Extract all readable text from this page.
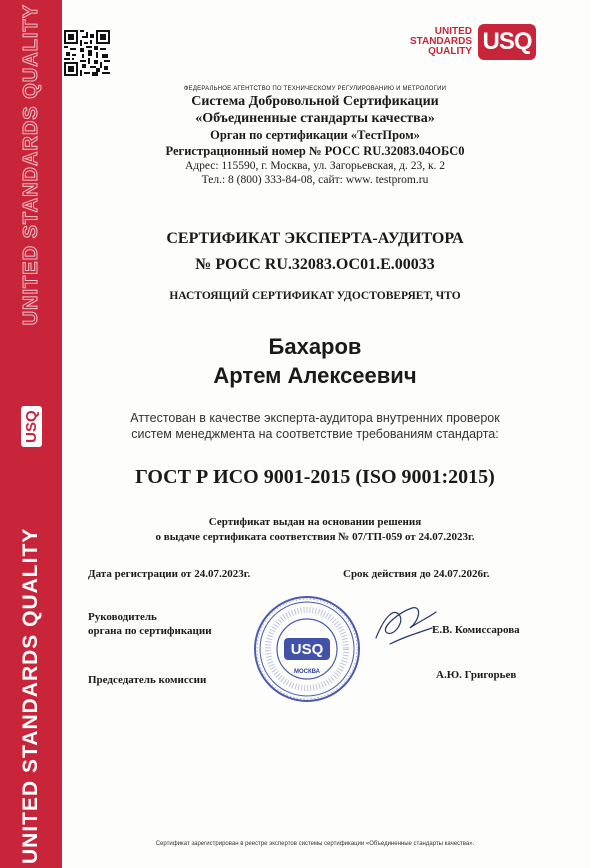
UNITED STANDARDS QUALITY
USQ
UNITED STANDARDS QUALITY	UNITED
STANDARDS
QUALITY USQ
ФЕДЕРАЛЬНОЕ АГЕНТСТВО ПО ТЕХНИЧЕСКОМУ РЕГУЛИРОВАНИЮ И МЕТРОЛОГИИ
Система Добровольной Сертификации
«Объединенные стандарты качества»
Орган по сертификации «ТестПром»
Регистрационный номер № РОСС RU.32083.04ОБС0
Адрес: 115590, г. Москва, ул. Загорьевская, д. 23, к. 2
Тел.: 8 (800) 333-84-08, сайт: www. testprom.ru
СЕРТИФИКАТ ЭКСПЕРТА-АУДИТОРА
№ РОСС RU.32083.ОС01.Е.00033
НАСТОЯЩИЙ СЕРТИФИКАТ УДОСТОВЕРЯЕТ, ЧТО
Бахаров
Артем Алексеевич
Аттестован в качестве эксперта-аудитора внутренних проверок
систем менеджмента на соответствие требованиям стандарта:
ГОСТ Р ИСО 9001-2015 (ISO 9001:2015)
Сертификат выдан на основании решения
о выдаче сертификата соответствия № 07/ТП-059 от 24.07.2023г.
Дата регистрации от 24.07.2023г.	Срок действия до 24.07.2026г.
Руководитель
органа по сертификации	Е.В. Комиссарова
Председатель комиссии	А.Ю. Григорьев
USQ
МОСКВА
Сертификат зарегистрирован в реестре экспертов системы сертификации «Объединенные стандарты качества».
